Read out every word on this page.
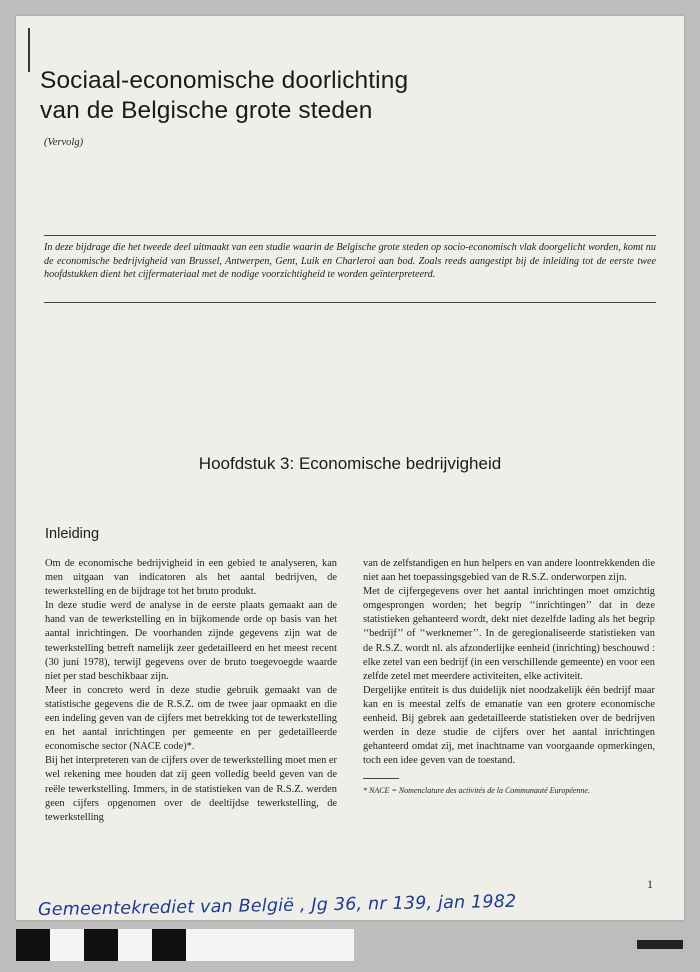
Sociaal-economische doorlichting
van de Belgische grote steden
(Vervolg)

In deze bijdrage die het tweede deel uitmaakt van een studie waarin de Belgische grote steden op socio-economisch vlak doorgelicht worden, komt nu de economische bedrijvigheid van Brussel, Antwerpen, Gent, Luik en Charleroi aan bod. Zoals reeds aangestipt bij de inleiding tot de eerste twee hoofdstukken dient het cijfermateriaal met de nodige voorzichtigheid te worden geïnterpreteerd.

Hoofdstuk 3: Economische bedrijvigheid
Inleiding

Om de economische bedrijvigheid in een gebied te analyseren, kan men uitgaan van indicatoren als het aantal bedrijven, de tewerkstelling en de bijdrage tot het bruto produkt.

In deze studie werd de analyse in de eerste plaats gemaakt aan de hand van de tewerkstelling en in bijkomende orde op basis van het aantal inrichtingen. De voorhanden zijnde gegevens zijn wat de tewerkstelling betreft namelijk zeer gedetailleerd en het meest recent (30 juni 1978), terwijl gegevens over de bruto toegevoegde waarde niet per stad beschikbaar zijn.

Meer in concreto werd in deze studie gebruik gemaakt van de statistische gegevens die de R.S.Z. om de twee jaar opmaakt en die een indeling geven van de cijfers met betrekking tot de tewerkstelling en het aantal inrichtingen per gemeente en per gedetailleerde economische sector (NACE code)*.

Bij het interpreteren van de cijfers over de tewerkstelling moet men er wel rekening mee houden dat zij geen volledig beeld geven van de reële tewerkstelling. Immers, in de statistieken van de R.S.Z. werden geen cijfers opgenomen over de deeltijdse tewerkstelling, de tewerkstelling

van de zelfstandigen en hun helpers en van andere loontrekkenden die niet aan het toepassingsgebied van de R.S.Z. onderworpen zijn.

Met de cijfergegevens over het aantal inrichtingen moet omzichtig omgesprongen worden; het begrip ‘‘inrichtingen’’ dat in deze statistieken gehanteerd wordt, dekt niet dezelfde lading als het begrip ‘‘bedrijf’’ of ‘‘werknemer’’. In de geregionaliseerde statistieken van de R.S.Z. wordt nl. als afzonderlijke eenheid (inrichting) beschouwd : elke zetel van een bedrijf (in een verschillende gemeente) en voor een zelfde zetel met meerdere activiteiten, elke activiteit.

Dergelijke entiteit is dus duidelijk niet noodzakelijk één bedrijf maar kan en is meestal zelfs de emanatie van een grotere economische eenheid. Bij gebrek aan gedetailleerde statistieken over de bedrijven werden in deze studie de cijfers over het aantal inrichtingen gehanteerd omdat zij, met inachtname van voorgaande opmerkingen, toch een idee geven van de toestand.

* NACE = Nomenclature des activités de la Communauté Européenne.

1
Gemeentekrediet van België , Jg 36, nr 139, jan 1982
